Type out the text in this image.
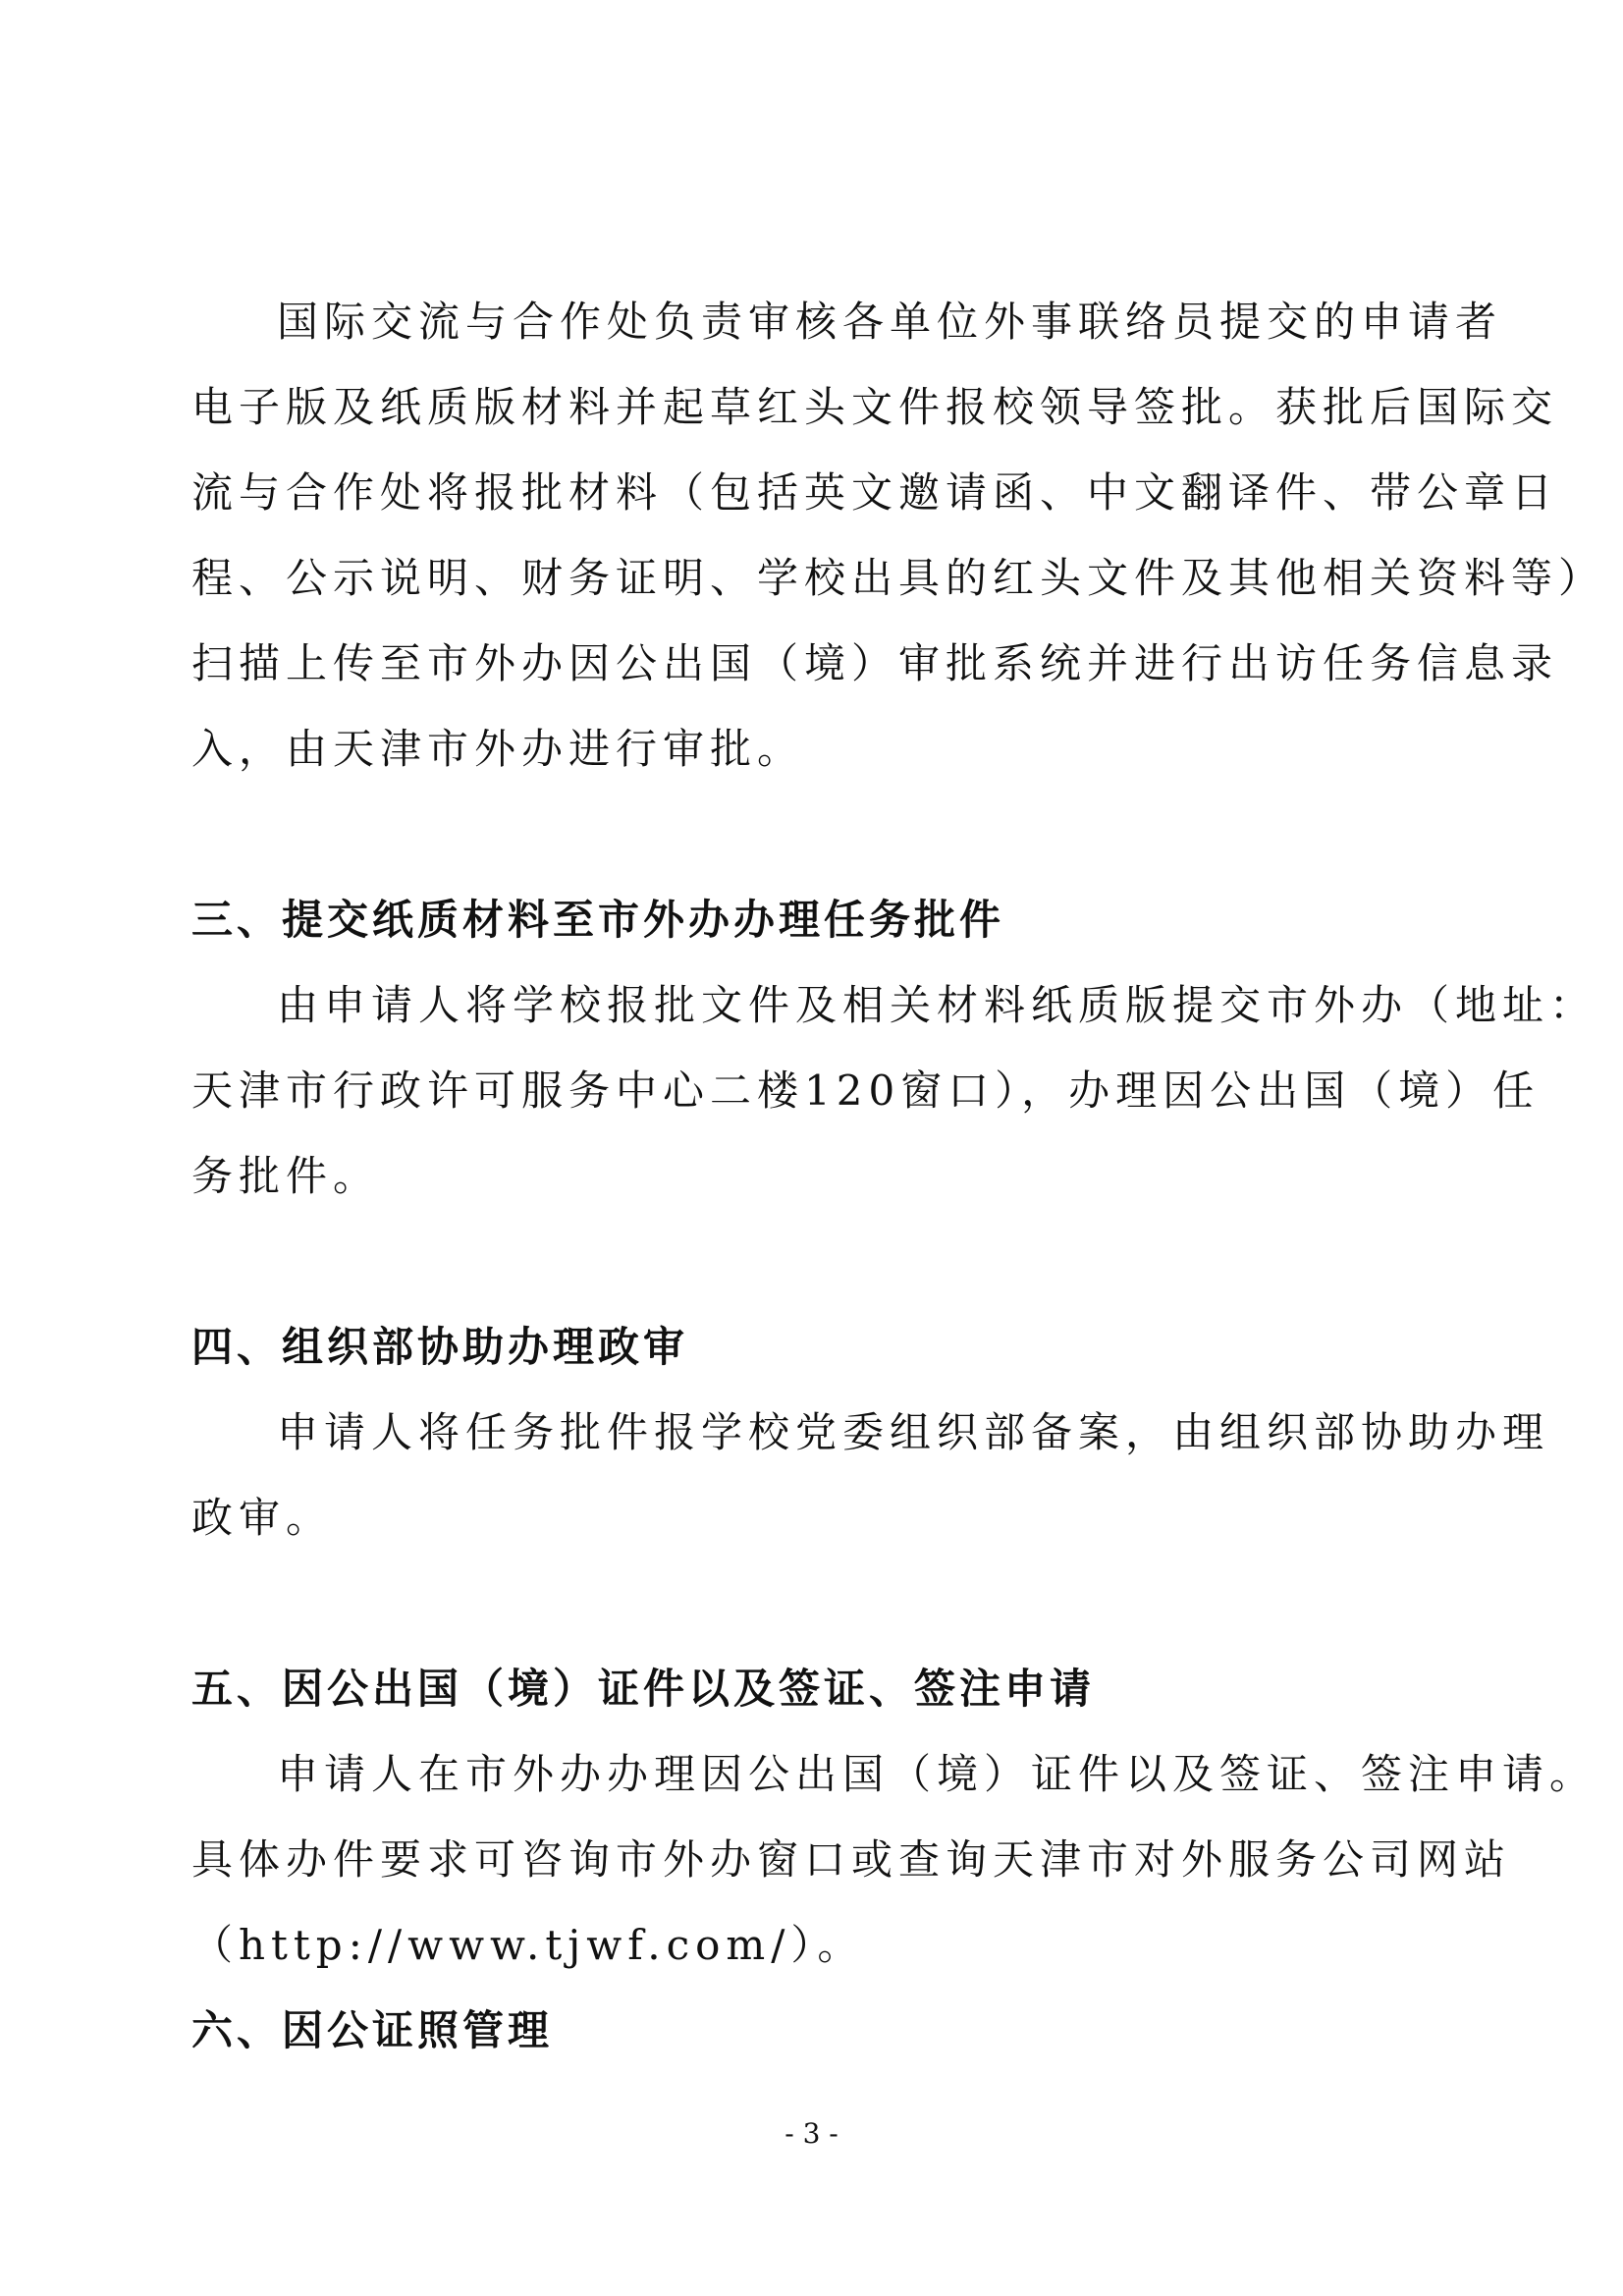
国际交流与合作处负责审核各单位外事联络员提交的申请者
电子版及纸质版材料并起草红头文件报校领导签批。获批后国际交
流与合作处将报批材料（包括英文邀请函、中文翻译件、带公章日
程、公示说明、财务证明、学校出具的红头文件及其他相关资料等）
扫描上传至市外办因公出国（境）审批系统并进行出访任务信息录
入，由天津市外办进行审批。
三、提交纸质材料至市外办办理任务批件
由申请人将学校报批文件及相关材料纸质版提交市外办（地址：
天津市行政许可服务中心二楼120窗口），办理因公出国（境）任
务批件。
四、组织部协助办理政审
申请人将任务批件报学校党委组织部备案，由组织部协助办理
政审。
五、因公出国（境）证件以及签证、签注申请
申请人在市外办办理因公出国（境）证件以及签证、签注申请。
具体办件要求可咨询市外办窗口或查询天津市对外服务公司网站
（http://www.tjwf.com/）。
六、因公证照管理
- 3 -
